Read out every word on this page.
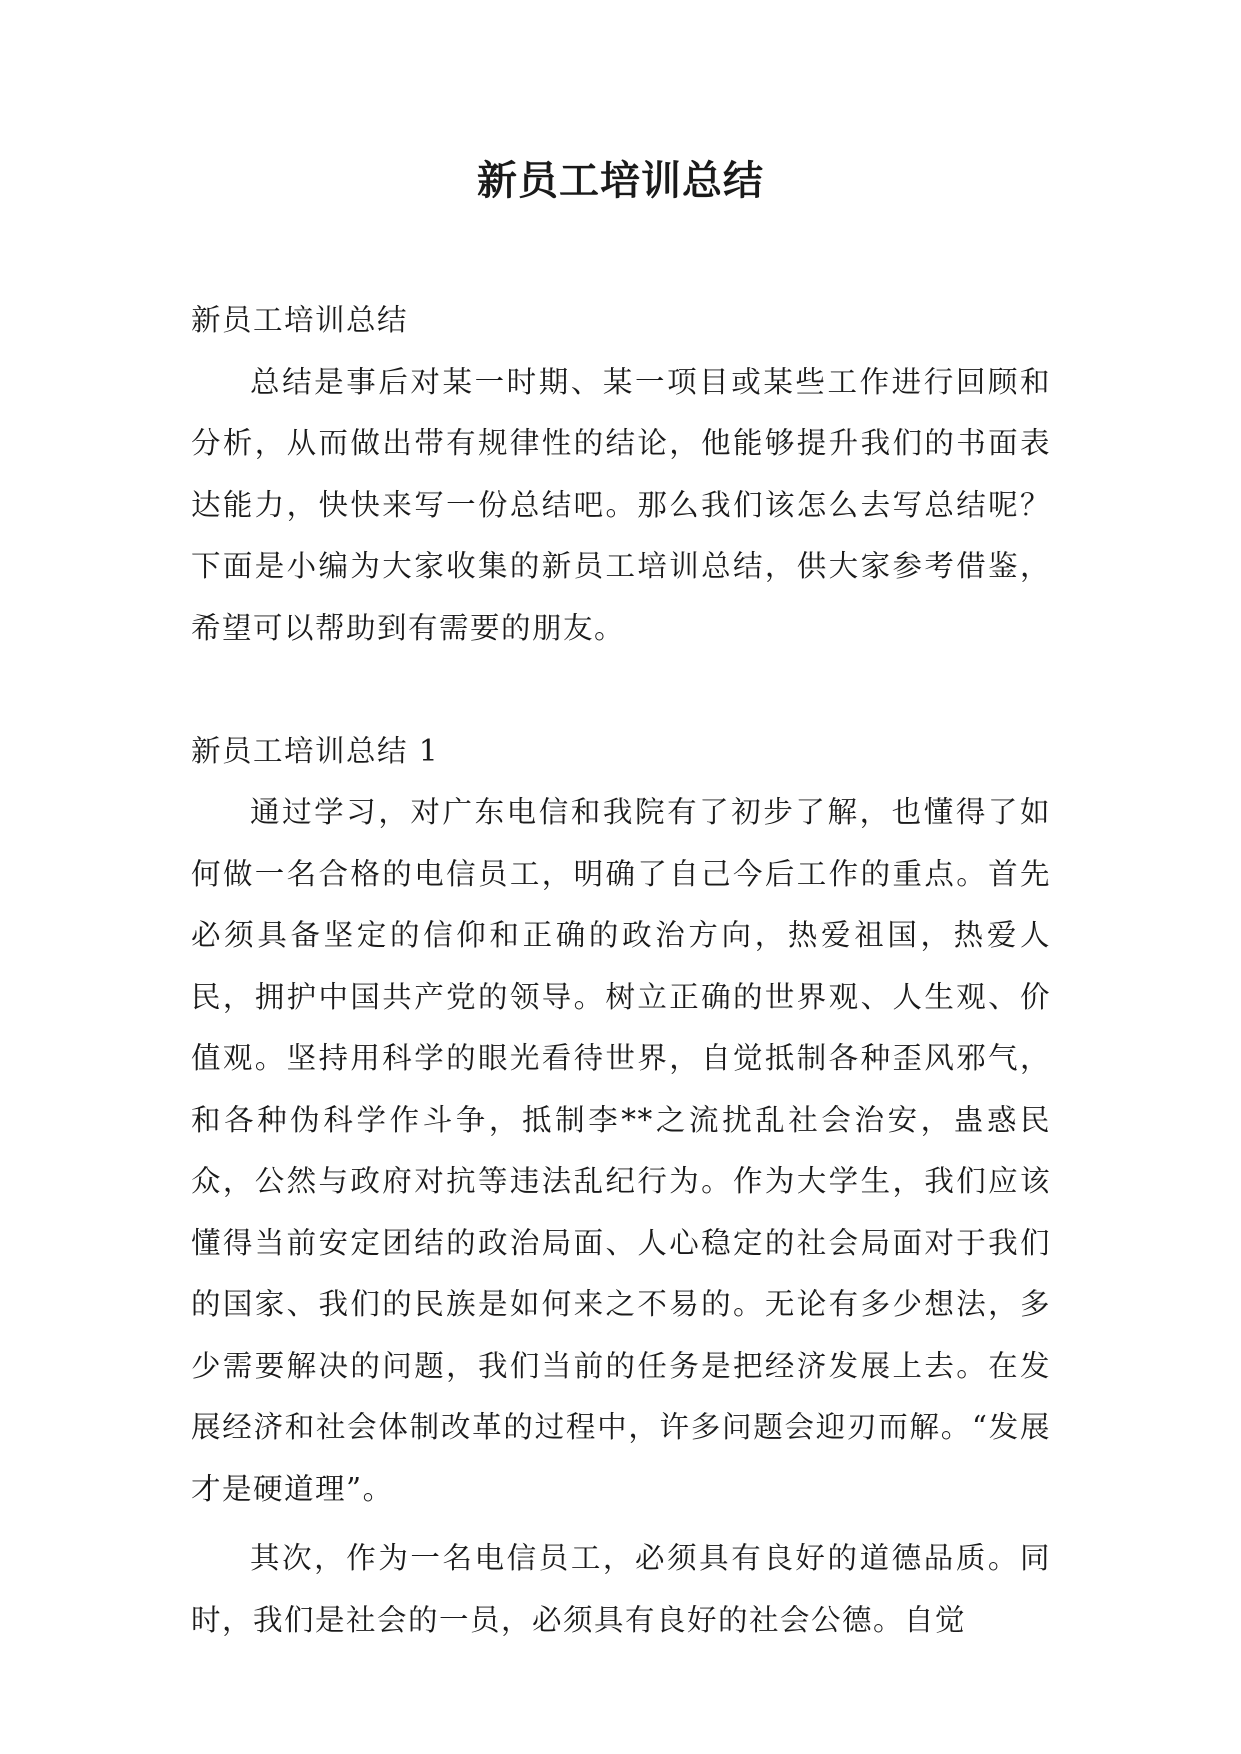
新员工培训总结

新员工培训总结

总结是事后对某一时期、某一项目或某些工作进行回顾和分析，从而做出带有规律性的结论，他能够提升我们的书面表达能力，快快来写一份总结吧。那么我们该怎么去写总结呢？下面是小编为大家收集的新员工培训总结，供大家参考借鉴，希望可以帮助到有需要的朋友。

新员工培训总结 1

通过学习，对广东电信和我院有了初步了解，也懂得了如何做一名合格的电信员工，明确了自己今后工作的重点。首先必须具备坚定的信仰和正确的政治方向，热爱祖国，热爱人民，拥护中国共产党的领导。树立正确的世界观、人生观、价值观。坚持用科学的眼光看待世界，自觉抵制各种歪风邪气，和各种伪科学作斗争，抵制李**之流扰乱社会治安，蛊惑民众，公然与政府对抗等违法乱纪行为。作为大学生，我们应该懂得当前安定团结的政治局面、人心稳定的社会局面对于我们的国家、我们的民族是如何来之不易的。无论有多少想法，多少需要解决的问题，我们当前的任务是把经济发展上去。在发展经济和社会体制改革的过程中，许多问题会迎刃而解。“发展才是硬道理”。

其次，作为一名电信员工，必须具有良好的道德品质。同时，我们是社会的一员，必须具有良好的社会公德。自觉
